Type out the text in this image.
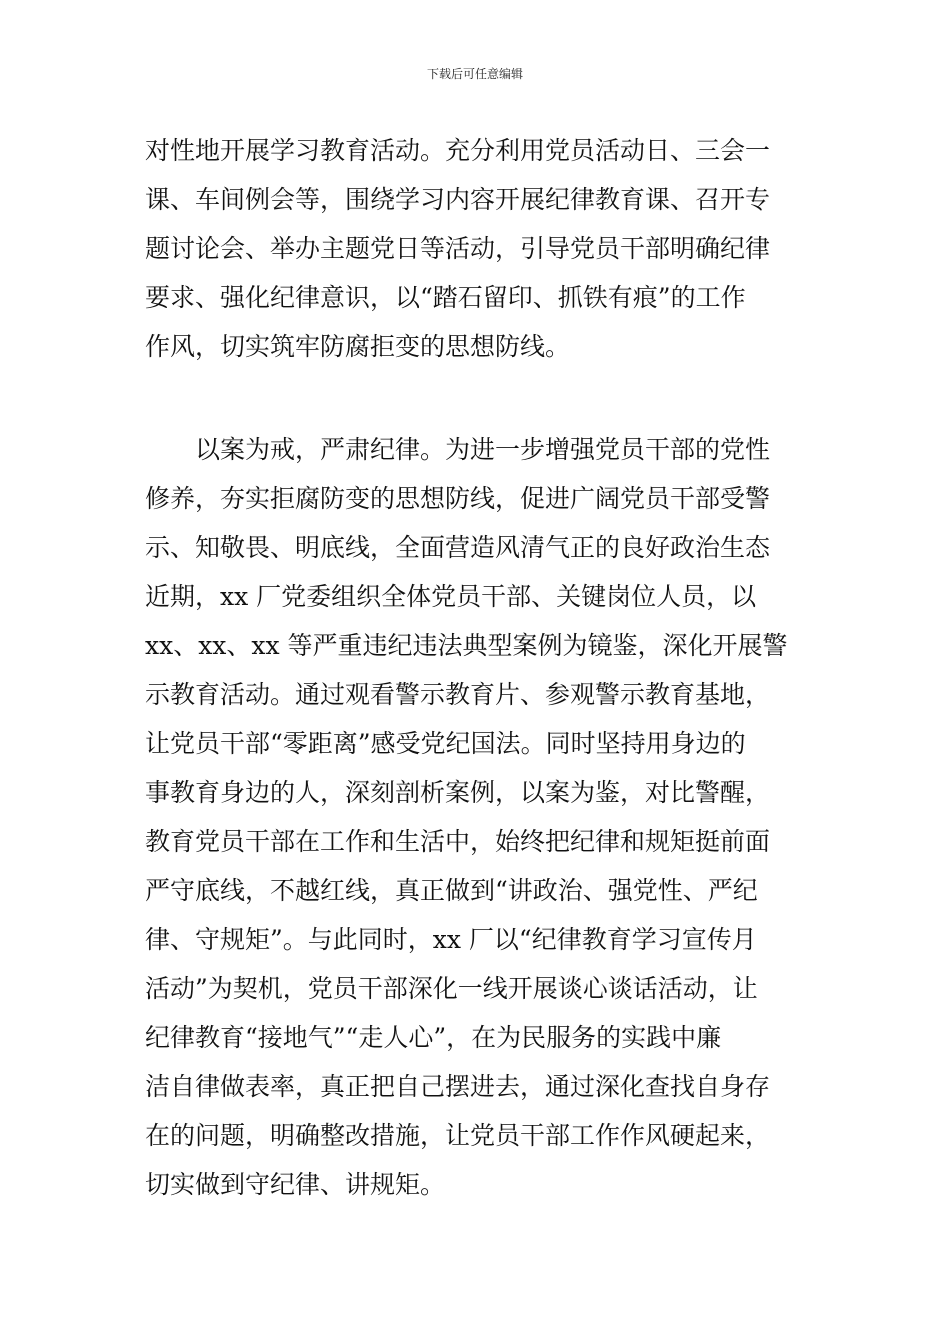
下载后可任意编辑
对性地开展学习教育活动。充分利用党员活动日、三会一
课、车间例会等，围绕学习内容开展纪律教育课、召开专
题讨论会、举办主题党日等活动，引导党员干部明确纪律
要求、强化纪律意识，以“踏石留印、抓铁有痕”的工作
作风，切实筑牢防腐拒变的思想防线。
　　以案为戒，严肃纪律。为进一步增强党员干部的党性
修养，夯实拒腐防变的思想防线，促进广阔党员干部受警
示、知敬畏、明底线，全面营造风清气正的良好政治生态
近期，xx 厂党委组织全体党员干部、关键岗位人员，以
xx、xx、xx 等严重违纪违法典型案例为镜鉴，深化开展警
示教育活动。通过观看警示教育片、参观警示教育基地，
让党员干部“零距离”感受党纪国法。同时坚持用身边的
事教育身边的人，深刻剖析案例，以案为鉴，对比警醒，
教育党员干部在工作和生活中，始终把纪律和规矩挺前面
严守底线，不越红线，真正做到“讲政治、强党性、严纪
律、守规矩”。与此同时，xx 厂以“纪律教育学习宣传月
活动”为契机，党员干部深化一线开展谈心谈话活动，让
纪律教育“接地气”“走人心”，在为民服务的实践中廉
洁自律做表率，真正把自己摆进去，通过深化查找自身存
在的问题，明确整改措施，让党员干部工作作风硬起来，
切实做到守纪律、讲规矩。
